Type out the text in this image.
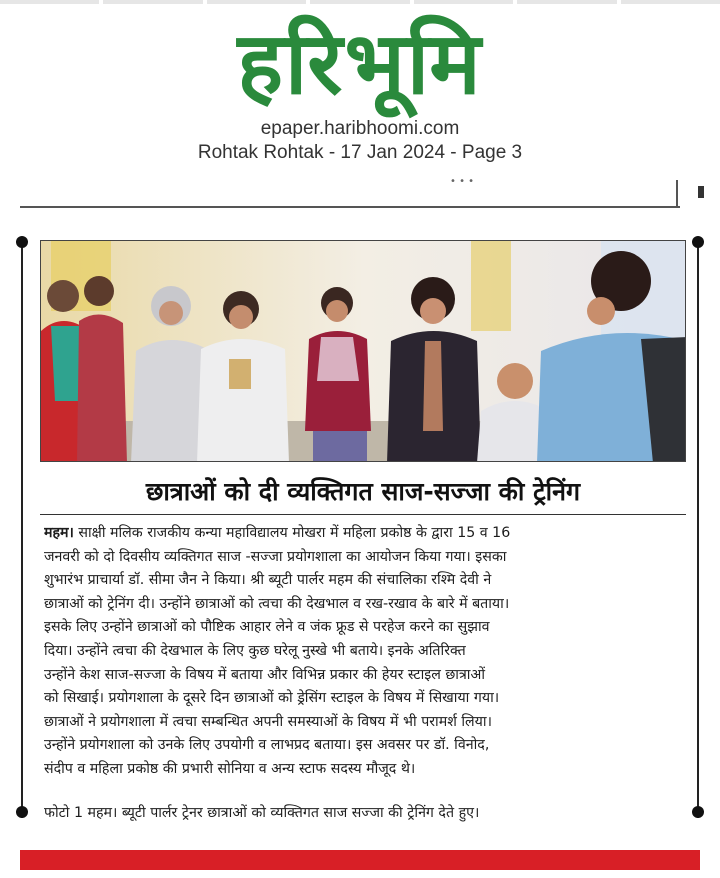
हरिभूमि
epaper.haribhoomi.com
Rohtak Rohtak - 17 Jan 2024 - Page 3
• • •
छात्राओं को दी व्यक्तिगत साज-सज्जा की ट्रेनिंग
महम। साक्षी मलिक राजकीय कन्या महाविद्यालय मोखरा में महिला प्रकोष्ठ के द्वारा 15 व 16
जनवरी को दो दिवसीय व्यक्तिगत साज -सज्जा प्रयोगशाला का आयोजन किया गया। इसका
शुभारंभ प्राचार्या डॉ. सीमा जैन ने किया। श्री ब्यूटी पार्लर महम की संचालिका रश्मि देवी ने
छात्राओं को ट्रेनिंग दी। उन्होंने छात्राओं को त्वचा की देखभाल व रख-रखाव के बारे में बताया।
इसके लिए उन्होंने छात्राओं को पौष्टिक आहार लेने व जंक फ्रूड से परहेज करने का सुझाव
दिया। उन्होंने त्वचा की देखभाल के लिए कुछ घरेलू नुस्खे भी बताये। इनके अतिरिक्त
उन्होंने केश साज-सज्जा के विषय में बताया और विभिन्न प्रकार की हेयर स्टाइल छात्राओं
को सिखाई। प्रयोगशाला के दूसरे दिन छात्राओं को ड्रेसिंग स्टाइल के विषय में सिखाया गया।
छात्राओं ने प्रयोगशाला में त्वचा सम्बन्धित अपनी समस्याओं के विषय में भी परामर्श लिया।
उन्होंने प्रयोगशाला को उनके लिए उपयोगी व लाभप्रद बताया। इस अवसर पर डॉ. विनोद,
संदीप व महिला प्रकोष्ठ की प्रभारी सोनिया व अन्य स्टाफ सदस्य मौजूद थे।
फोटो 1 महम। ब्यूटी पार्लर ट्रेनर छात्राओं को व्यक्तिगत साज सज्जा की ट्रेनिंग देते हुए।
